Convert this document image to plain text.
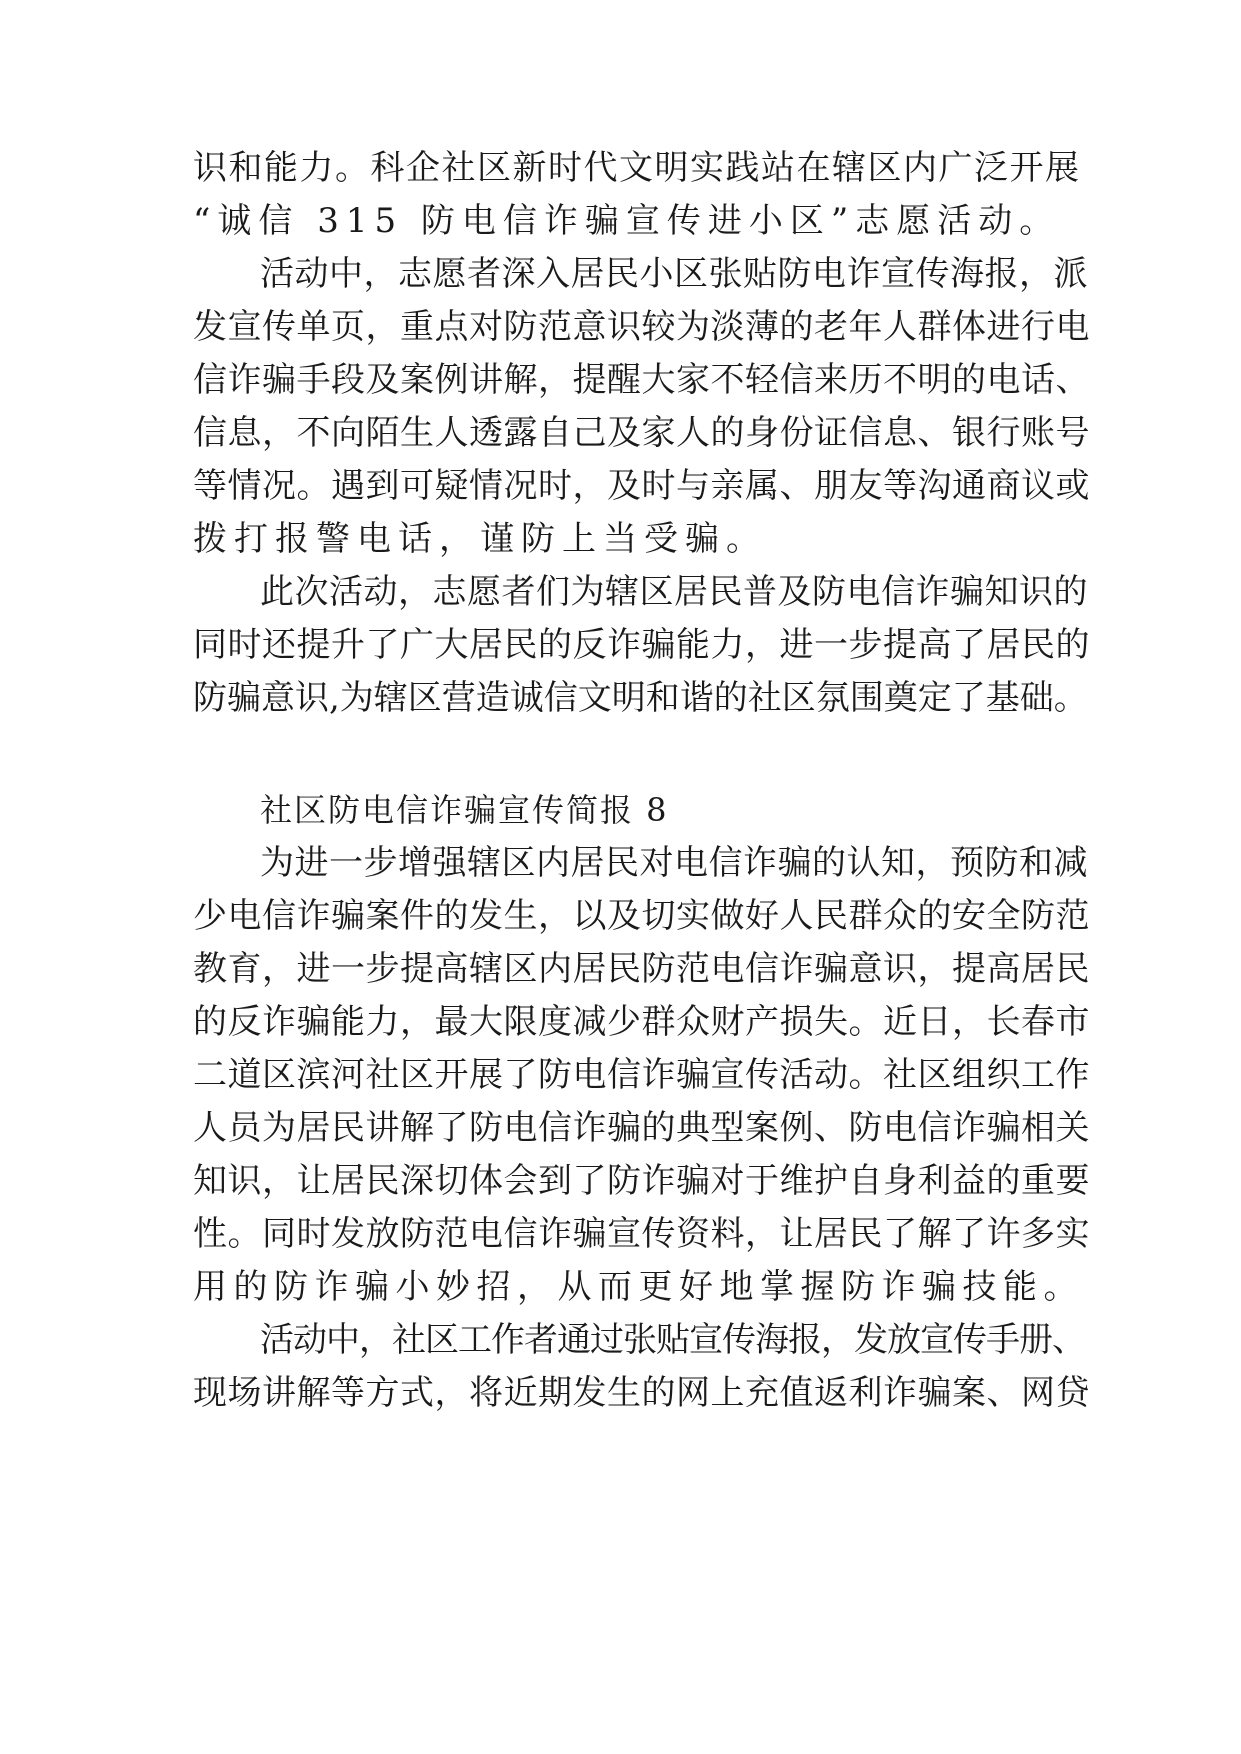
识和能力。科企社区新时代文明实践站在辖区内广泛开展
“诚信 315 防电信诈骗宣传进小区”志愿活动。
活动中，志愿者深入居民小区张贴防电诈宣传海报，派
发宣传单页，重点对防范意识较为淡薄的老年人群体进行电
信诈骗手段及案例讲解，提醒大家不轻信来历不明的电话、
信息，不向陌生人透露自己及家人的身份证信息、银行账号
等情况。遇到可疑情况时，及时与亲属、朋友等沟通商议或
拨打报警电话，谨防上当受骗。
此次活动，志愿者们为辖区居民普及防电信诈骗知识的
同时还提升了广大居民的反诈骗能力，进一步提高了居民的
防骗意识,为辖区营造诚信文明和谐的社区氛围奠定了基础。
社区防电信诈骗宣传简报 8
为进一步增强辖区内居民对电信诈骗的认知，预防和减
少电信诈骗案件的发生，以及切实做好人民群众的安全防范
教育，进一步提高辖区内居民防范电信诈骗意识，提高居民
的反诈骗能力，最大限度减少群众财产损失。近日，长春市
二道区滨河社区开展了防电信诈骗宣传活动。社区组织工作
人员为居民讲解了防电信诈骗的典型案例、防电信诈骗相关
知识，让居民深切体会到了防诈骗对于维护自身利益的重要
性。同时发放防范电信诈骗宣传资料，让居民了解了许多实
用的防诈骗小妙招，从而更好地掌握防诈骗技能。
活动中，社区工作者通过张贴宣传海报，发放宣传手册、
现场讲解等方式，将近期发生的网上充值返利诈骗案、网贷
